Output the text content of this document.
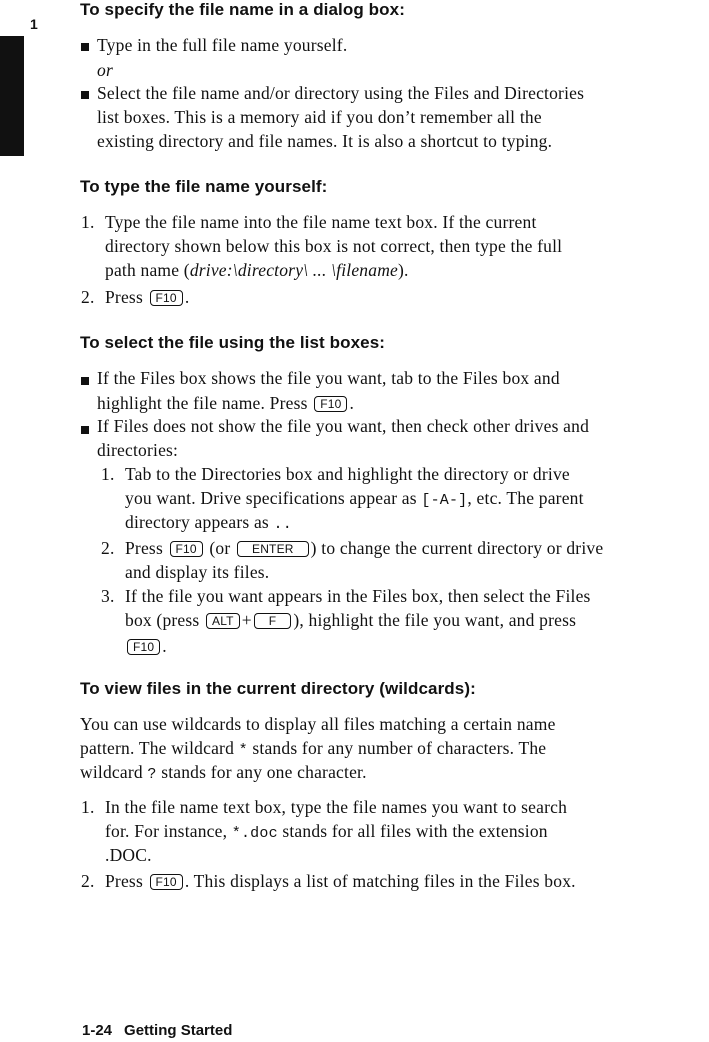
1
To specify the file name in a dialog box:
Type in the full file name yourself.
or
Select the file name and/or directory using the Files and Directories
list boxes. This is a memory aid if you don’t remember all the
existing directory and file names. It is also a shortcut to typing.
To type the file name yourself:
1. Type the file name into the file name text box. If the current
directory shown below this box is not correct, then type the full
path name (drive:\directory\ ... \filename).
2. Press F10 .
To select the file using the list boxes:
If the Files box shows the file you want, tab to the Files box and
highlight the file name. Press F10 .
If Files does not show the file you want, then check other drives and
directories:
1. Tab to the Directories box and highlight the directory or drive
you want. Drive specifications appear as [-A-], etc. The parent
directory appears as ..
2. Press F10 (or ENTER ) to change the current directory or drive
and display its files.
3. If the file you want appears in the Files box, then select the Files
box (press ALT + F ), highlight the file you want, and press
F10 .
To view files in the current directory (wildcards):
You can use wildcards to display all files matching a certain name
pattern. The wildcard * stands for any number of characters. The
wildcard ? stands for any one character.
1. In the file name text box, type the file names you want to search
for. For instance, *.doc stands for all files with the extension
.DOC.
2. Press F10 . This displays a list of matching files in the Files box.
1-24 Getting Started
